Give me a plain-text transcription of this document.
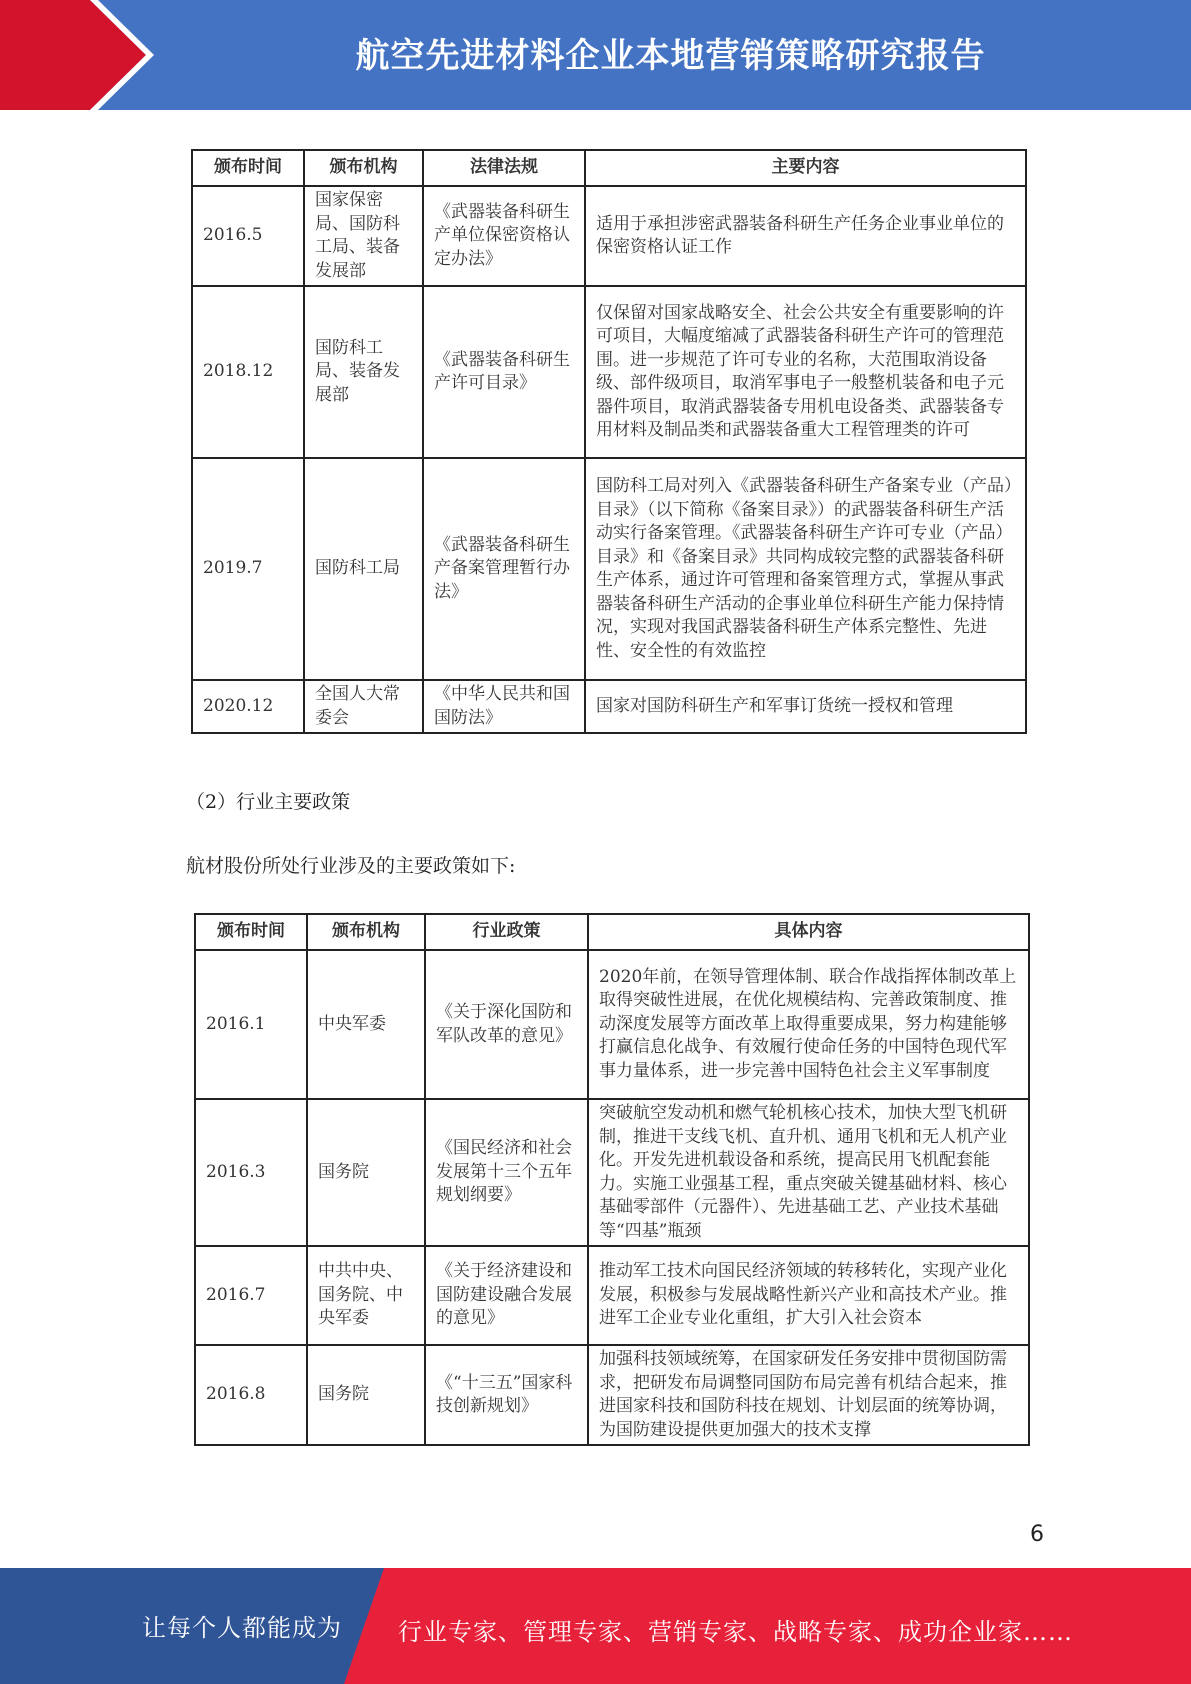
航空先进材料企业本地营销策略研究报告
颁布时间	颁布机构	法律法规	主要内容
2016.5	国家保密局、国防科工局、装备发展部	《武器装备科研生产单位保密资格认定办法》	适用于承担涉密武器装备科研生产任务企业事业单位的保密资格认证工作
2018.12	国防科工局、装备发展部	《武器装备科研生产许可目录》	仅保留对国家战略安全、社会公共安全有重要影响的许可项目，大幅度缩减了武器装备科研生产许可的管理范围。进一步规范了许可专业的名称，大范围取消设备级、部件级项目，取消军事电子一般整机装备和电子元器件项目，取消武器装备专用机电设备类、武器装备专用材料及制品类和武器装备重大工程管理类的许可
2019.7	国防科工局	《武器装备科研生产备案管理暂行办法》	国防科工局对列入《武器装备科研生产备案专业（产品）目录》（以下简称《备案目录》）的武器装备科研生产活动实行备案管理。《武器装备科研生产许可专业（产品）目录》和《备案目录》共同构成较完整的武器装备科研生产体系，通过许可管理和备案管理方式，掌握从事武器装备科研生产活动的企事业单位科研生产能力保持情况，实现对我国武器装备科研生产体系完整性、先进性、安全性的有效监控
2020.12	全国人大常委会	《中华人民共和国国防法》	国家对国防科研生产和军事订货统一授权和管理
（2）行业主要政策
航材股份所处行业涉及的主要政策如下:
颁布时间	颁布机构	行业政策	具体内容
2016.1	中央军委	《关于深化国防和军队改革的意见》	2020年前，在领导管理体制、联合作战指挥体制改革上取得突破性进展，在优化规模结构、完善政策制度、推动深度发展等方面改革上取得重要成果，努力构建能够打赢信息化战争、有效履行使命任务的中国特色现代军事力量体系，进一步完善中国特色社会主义军事制度
2016.3	国务院	《国民经济和社会发展第十三个五年规划纲要》	突破航空发动机和燃气轮机核心技术，加快大型飞机研制，推进干支线飞机、直升机、通用飞机和无人机产业化。开发先进机载设备和系统，提高民用飞机配套能力。实施工业强基工程，重点突破关键基础材料、核心基础零部件（元器件）、先进基础工艺、产业技术基础等“四基”瓶颈
2016.7	中共中央、国务院、中央军委	《关于经济建设和国防建设融合发展的意见》	推动军工技术向国民经济领域的转移转化，实现产业化发展，积极参与发展战略性新兴产业和高技术产业。推进军工企业专业化重组，扩大引入社会资本
2016.8	国务院	《“十三五”国家科技创新规划》	加强科技领域统筹，在国家研发任务安排中贯彻国防需求，把研发布局调整同国防布局完善有机结合起来，推进国家科技和国防科技在规划、计划层面的统筹协调，为国防建设提供更加强大的技术支撑
6
让每个人都能成为 行业专家、管理专家、营销专家、战略专家、成功企业家……
